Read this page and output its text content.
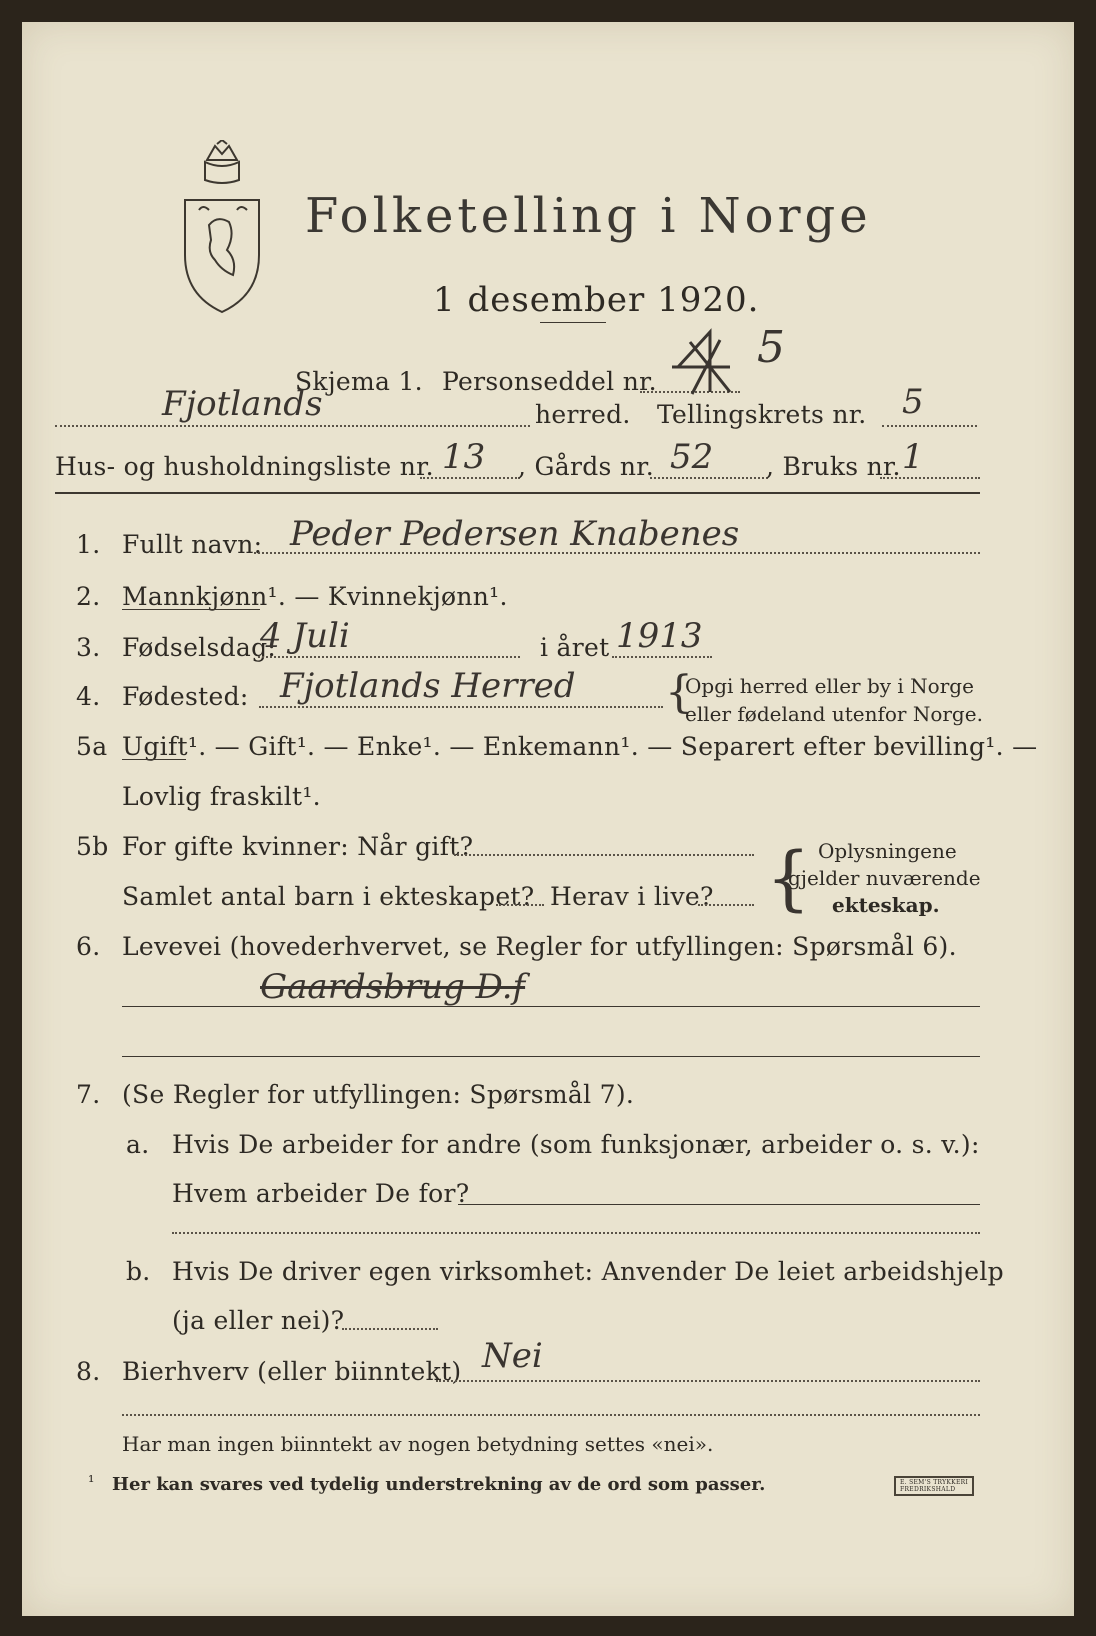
Folketelling i Norge
1 desember 1920.
Skjema 1. Personseddel nr.
5
Fjotlands	herred. Tellingskrets nr. 5
Hus- og husholdningsliste nr. 13 , Gårds nr. 52 , Bruks nr. 1
1. Fullt navn: Peder Pedersen Knabenes
2. Mannkjønn¹. — Kvinnekjønn¹.
3. Fødselsdag:
4 Juli	i året 1913
4. Fødested: Fjotlands Herred {
Opgi herred eller by i Norge
eller fødeland utenfor Norge.
5a Ugift¹. — Gift¹. — Enke¹. — Enkemann¹. — Separert efter bevilling¹. —
Lovlig fraskilt¹.
5b For gifte kvinner: Når gift?
Samlet antal barn i ekteskapet? Herav i live? { Oplysningene
gjelder nuværende
ekteskap.
6. Levevei (hovederhvervet, se Regler for utfyllingen: Spørsmål 6).
Gaardsbrug D.f
7. (Se Regler for utfyllingen: Spørsmål 7).
a. Hvis De arbeider for andre (som funksjonær, arbeider o. s. v.):
Hvem arbeider De for?
b. Hvis De driver egen virksomhet: Anvender De leiet arbeidshjelp
(ja eller nei)?
8. Bierhverv (eller biinntekt) Nei
Har man ingen biinntekt av nogen betydning settes «nei».
¹ Her kan svares ved tydelig understrekning av de ord som passer.	E. SEM'S TRYKKERI
FREDRIKSHALD
